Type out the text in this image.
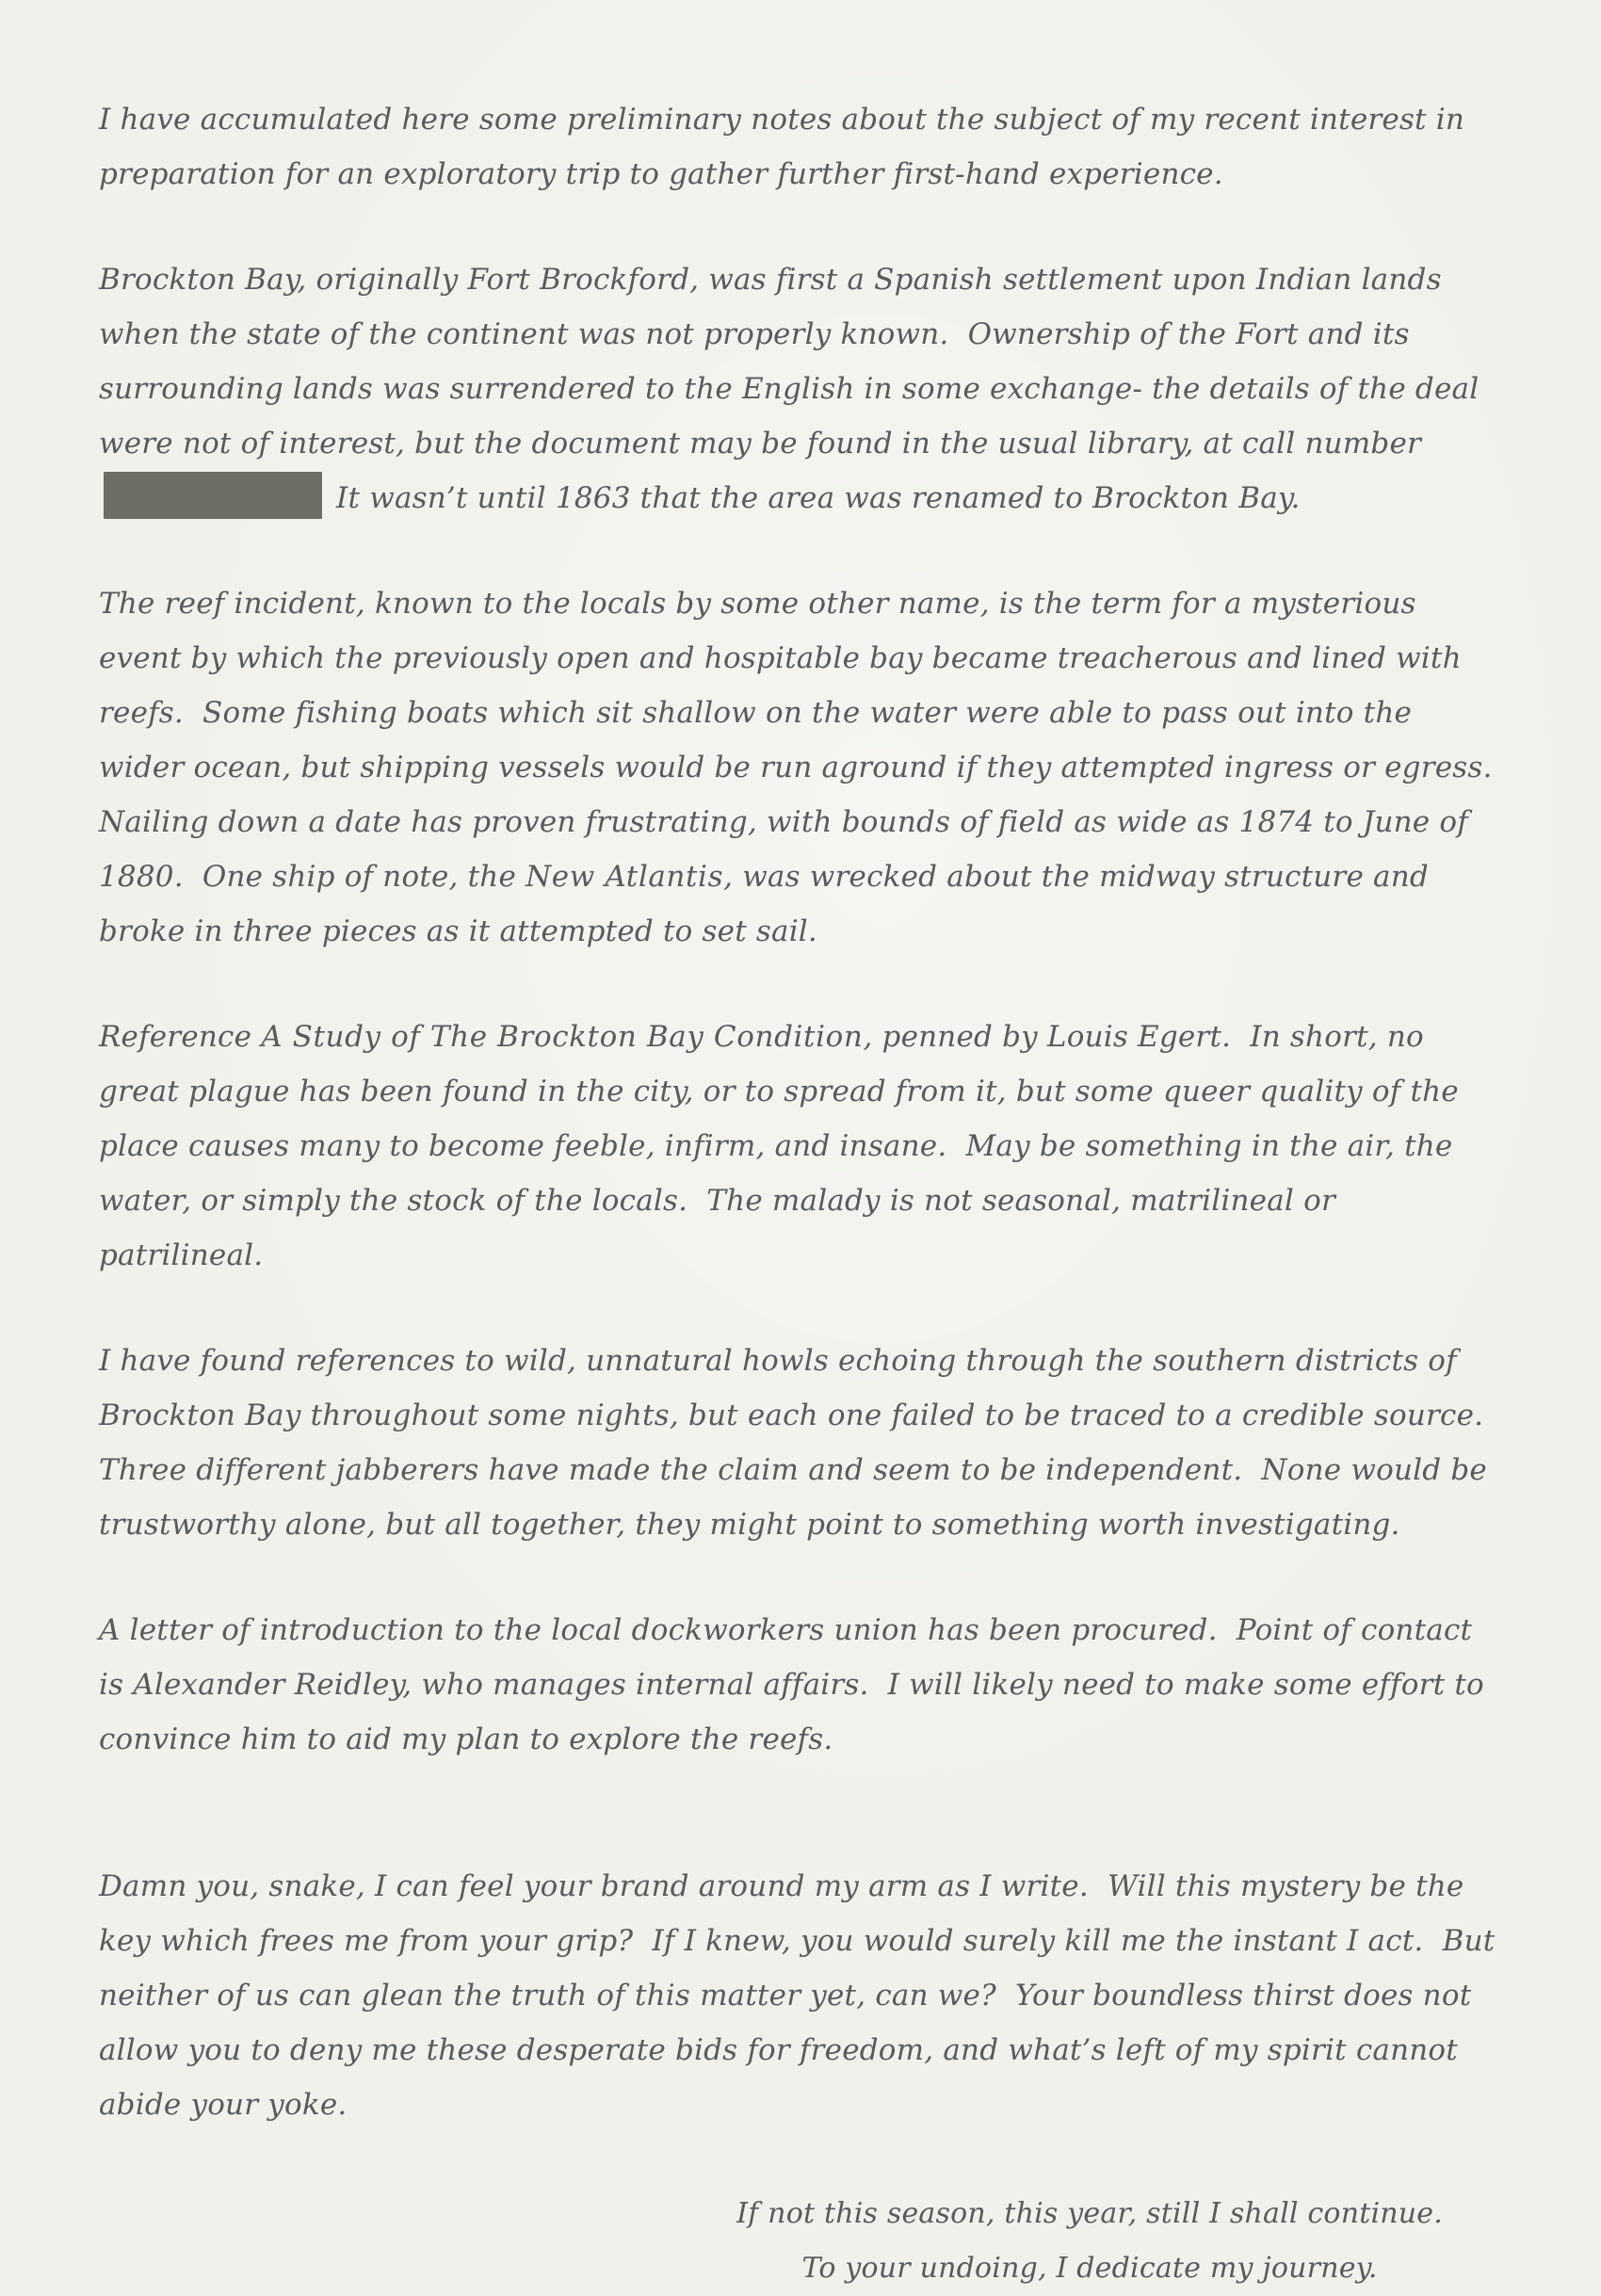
I have accumulated here some preliminary notes about the subject of my recent interest in preparation for an exploratory trip to gather further first-hand experience.

Brockton Bay, originally Fort Brockford, was first a Spanish settlement upon Indian lands when the state of the continent was not properly known.  Ownership of the Fort and its surrounding lands was surrendered to the English in some exchange- the details of the deal were not of interest, but the document may be found in the usual library, at call number It wasn’t until 1863 that the area was renamed to Brockton Bay.

The reef incident, known to the locals by some other name, is the term for a mysterious event by which the previously open and hospitable bay became treacherous and lined with reefs.  Some fishing boats which sit shallow on the water were able to pass out into the wider ocean, but shipping vessels would be run aground if they attempted ingress or egress.  Nailing down a date has proven frustrating, with bounds of field as wide as 1874 to June of 1880.  One ship of note, the New Atlantis, was wrecked about the midway structure and broke in three pieces as it attempted to set sail.

Reference A Study of The Brockton Bay Condition, penned by Louis Egert.  In short, no great plague has been found in the city, or to spread from it, but some queer quality of the place causes many to become feeble, infirm, and insane.  May be something in the air, the water, or simply the stock of the locals.  The malady is not seasonal, matrilineal or patrilineal.

I have found references to wild, unnatural howls echoing through the southern districts of Brockton Bay throughout some nights, but each one failed to be traced to a credible source. Three different jabberers have made the claim and seem to be independent.  None would be trustworthy alone, but all together, they might point to something worth investigating.

A letter of introduction to the local dockworkers union has been procured.  Point of contact is Alexander Reidley, who manages internal affairs.  I will likely need to make some effort to convince him to aid my plan to explore the reefs.

Damn you, snake, I can feel your brand around my arm as I write.  Will this mystery be the key which frees me from your grip?  If I knew, you would surely kill me the instant I act.  But neither of us can glean the truth of this matter yet, can we?  Your boundless thirst does not allow you to deny me these desperate bids for freedom, and what’s left of my spirit cannot abide your yoke.

If not this season, this year, still I shall continue.
To your undoing, I dedicate my journey.
